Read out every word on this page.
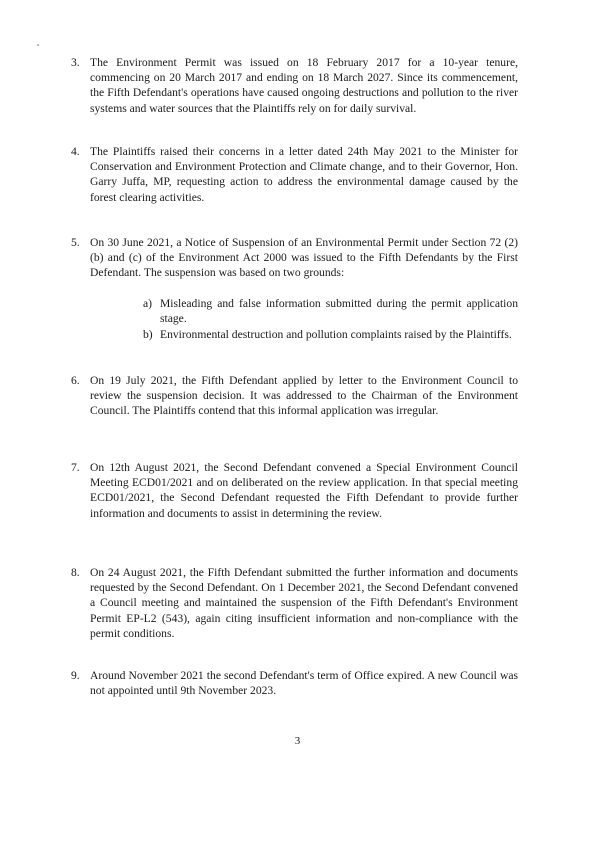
3. The Environment Permit was issued on 18 February 2017 for a 10-year tenure, commencing on 20 March 2017 and ending on 18 March 2027. Since its commencement, the Fifth Defendant's operations have caused ongoing destructions and pollution to the river systems and water sources that the Plaintiffs rely on for daily survival.
4. The Plaintiffs raised their concerns in a letter dated 24th May 2021 to the Minister for Conservation and Environment Protection and Climate change, and to their Governor, Hon. Garry Juffa, MP, requesting action to address the environmental damage caused by the forest clearing activities.
5. On 30 June 2021, a Notice of Suspension of an Environmental Permit under Section 72 (2) (b) and (c) of the Environment Act 2000 was issued to the Fifth Defendants by the First Defendant. The suspension was based on two grounds:
a) Misleading and false information submitted during the permit application stage.
b) Environmental destruction and pollution complaints raised by the Plaintiffs.
6. On 19 July 2021, the Fifth Defendant applied by letter to the Environment Council to review the suspension decision. It was addressed to the Chairman of the Environment Council. The Plaintiffs contend that this informal application was irregular.
7. On 12th August 2021, the Second Defendant convened a Special Environment Council Meeting ECD01/2021 and on deliberated on the review application. In that special meeting ECD01/2021, the Second Defendant requested the Fifth Defendant to provide further information and documents to assist in determining the review.
8. On 24 August 2021, the Fifth Defendant submitted the further information and documents requested by the Second Defendant. On 1 December 2021, the Second Defendant convened a Council meeting and maintained the suspension of the Fifth Defendant's Environment Permit EP-L2 (543), again citing insufficient information and non-compliance with the permit conditions.
9. Around November 2021 the second Defendant's term of Office expired. A new Council was not appointed until 9th November 2023.
3
